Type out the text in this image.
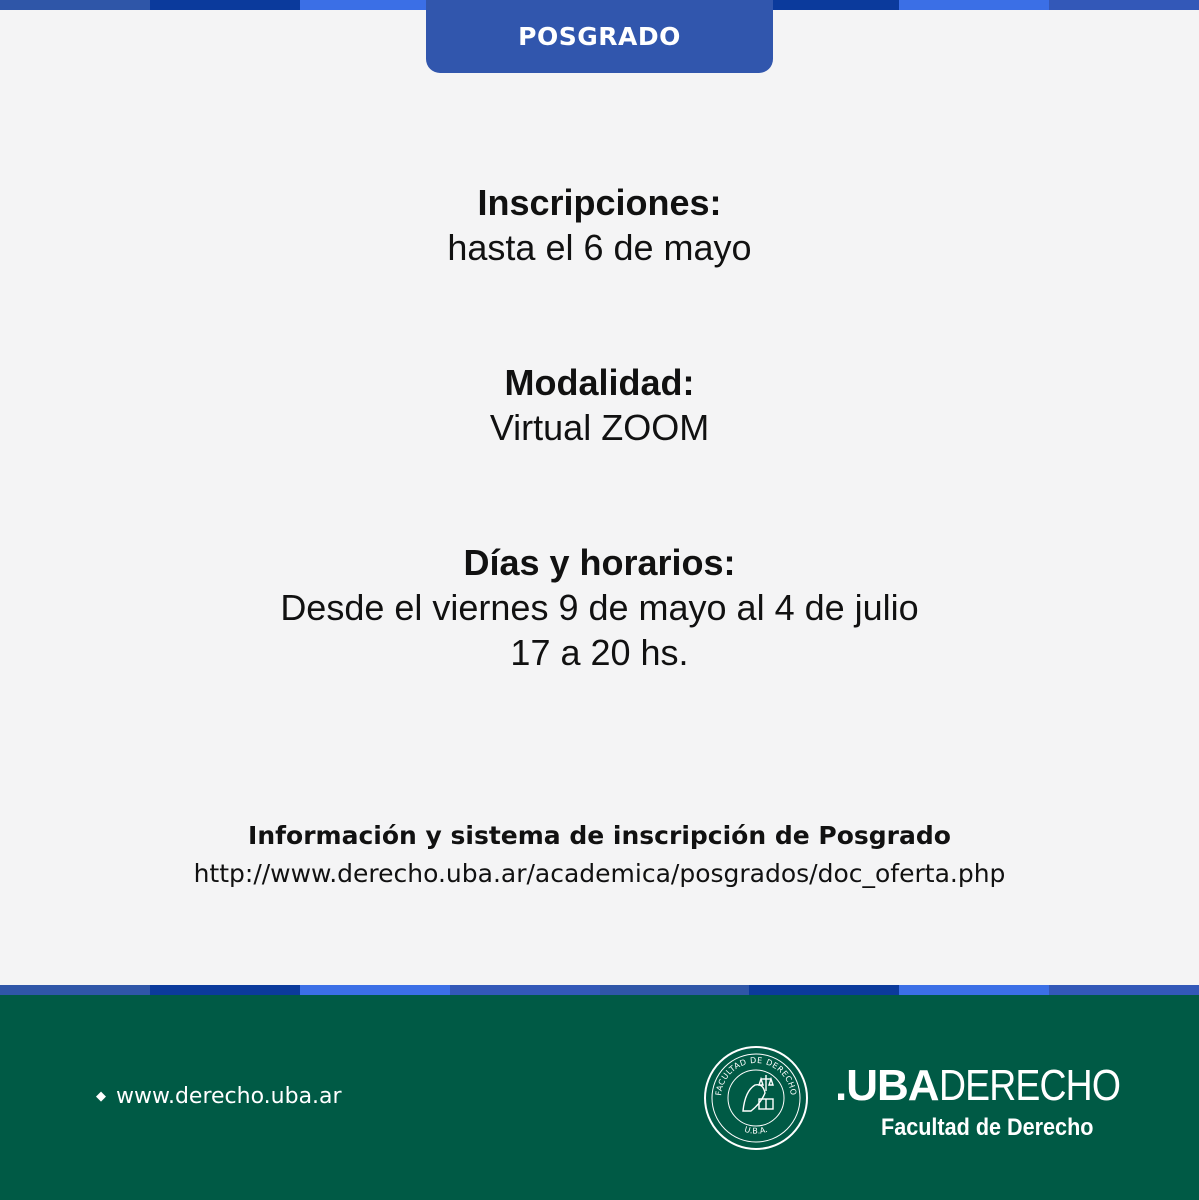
POSGRADO
Inscripciones:
hasta el 6 de mayo
Modalidad:
Virtual ZOOM
Días y horarios:
Desde el viernes 9 de mayo al 4 de julio
17 a 20 hs.
Información y sistema de inscripción de Posgrado
http://www.derecho.uba.ar/academica/posgrados/doc_oferta.php
◆ www.derecho.uba.ar	FACULTAD DE DERECHO
U.B.A.
.UBADERECHO
Facultad de Derecho
